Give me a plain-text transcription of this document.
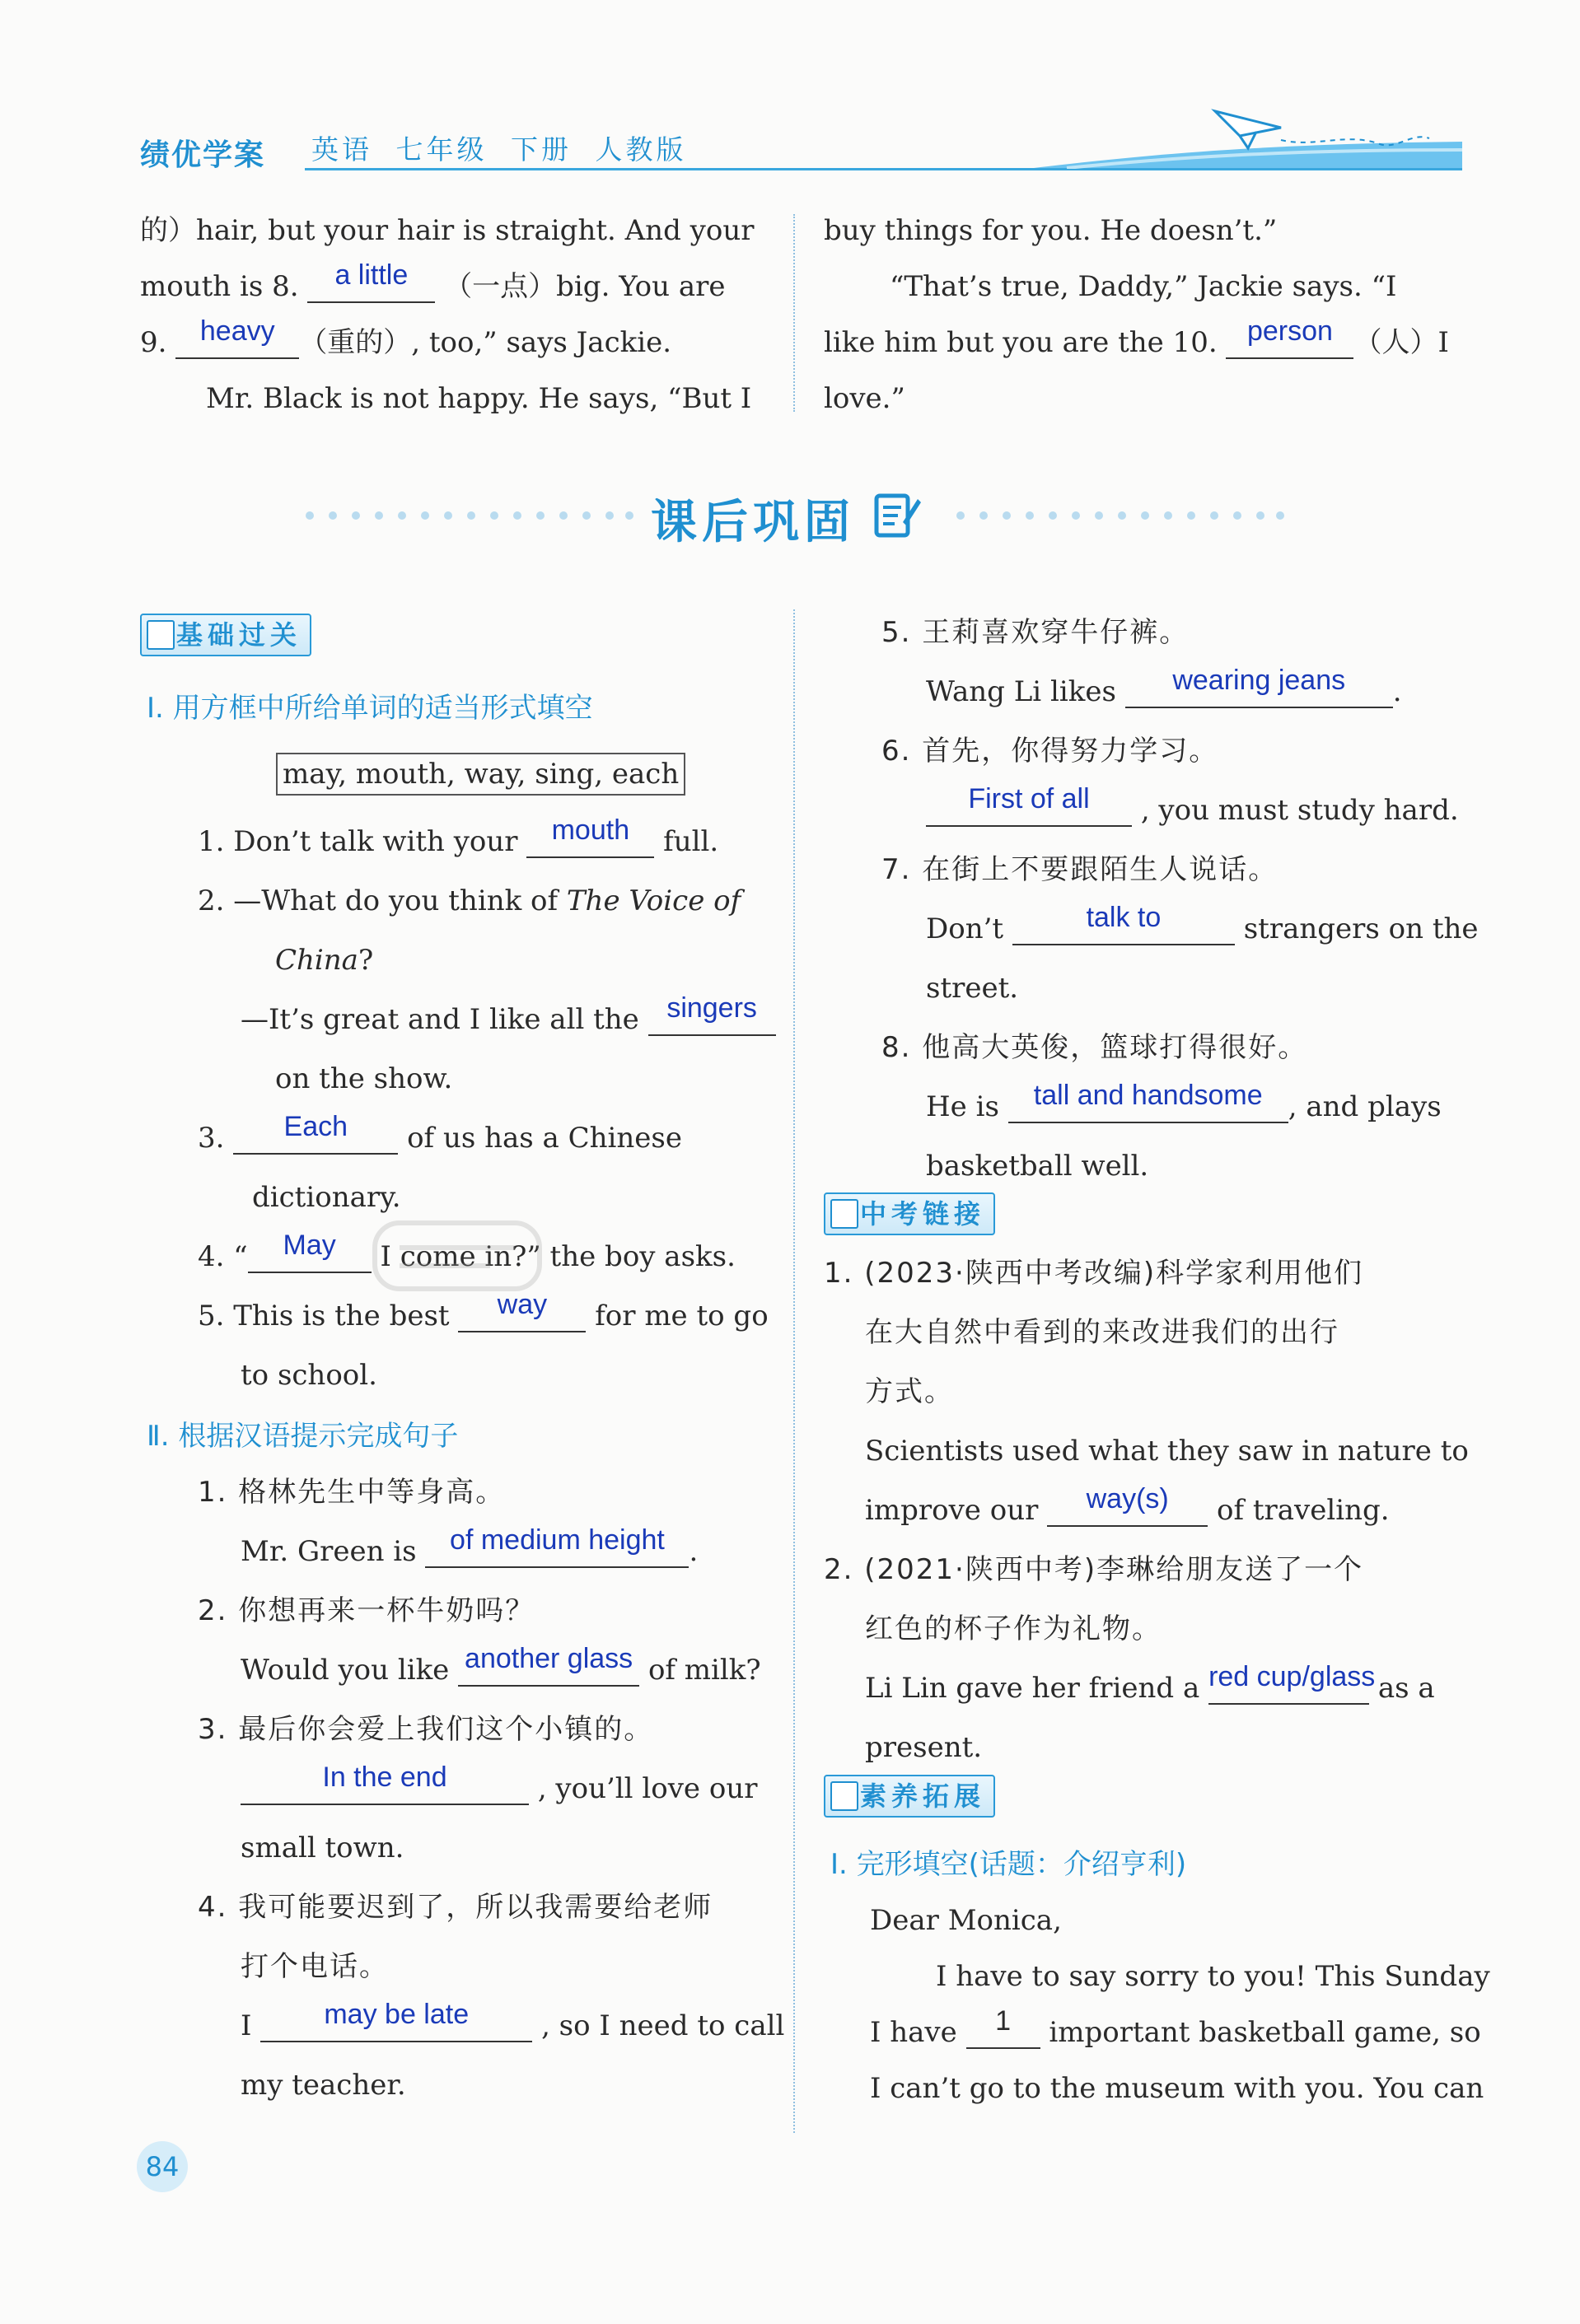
绩优学案 英语 七年级 下册 人教版
的）hair, but your hair is straight. And your
mouth is 8. a little （一点）big. You are
9. heavy （重的）, too,” says Jackie.
Mr. Black is not happy. He says, “But I
buy things for you. He doesn’t.”
“That’s true, Daddy,” Jackie says. “I
like him but you are the 10. person （人）I
love.”
课后巩固
基础过关
Ⅰ. 用方框中所给单词的适当形式填空
may, mouth, way, sing, each
1. Don’t talk with your mouth full.
2. —What do you think of The Voice of
China?
—It’s great and I like all the singers
on the show.
3. Each of us has a Chinese
dictionary.
4. “ May I come in?” the boy asks.
5. This is the best way for me to go
to school.
Ⅱ. 根据汉语提示完成句子
1. 格林先生中等身高。
Mr. Green is of medium height .
2. 你想再来一杯牛奶吗？
Would you like another glass of milk?
3. 最后你会爱上我们这个小镇的。
In the end	, you’ll love our
small town.
4. 我可能要迟到了，所以我需要给老师
打个电话。
I	may be late	, so I need to call
my teacher.
5. 王莉喜欢穿牛仔裤。
Wang Li likes wearing jeans .
6. 首先，你得努力学习。
First of all , you must study hard.
7. 在街上不要跟陌生人说话。
Don’t	talk to	strangers on the
street.
8. 他高大英俊，篮球打得很好。
He is tall and handsome , and plays
basketball well.
中考链接
1. (2023·陕西中考改编)科学家利用他们
在大自然中看到的来改进我们的出行
方式。
Scientists used what they saw in nature to
improve our way(s) of traveling.
2. (2021·陕西中考)李琳给朋友送了一个
红色的杯子作为礼物。
Li Lin gave her friend a red cup/glass as a
present.
素养拓展
Ⅰ. 完形填空(话题：介绍亨利)
Dear Monica,
I have to say sorry to you! This Sunday
I have 1 important basketball game, so
I can’t go to the museum with you. You can
84
